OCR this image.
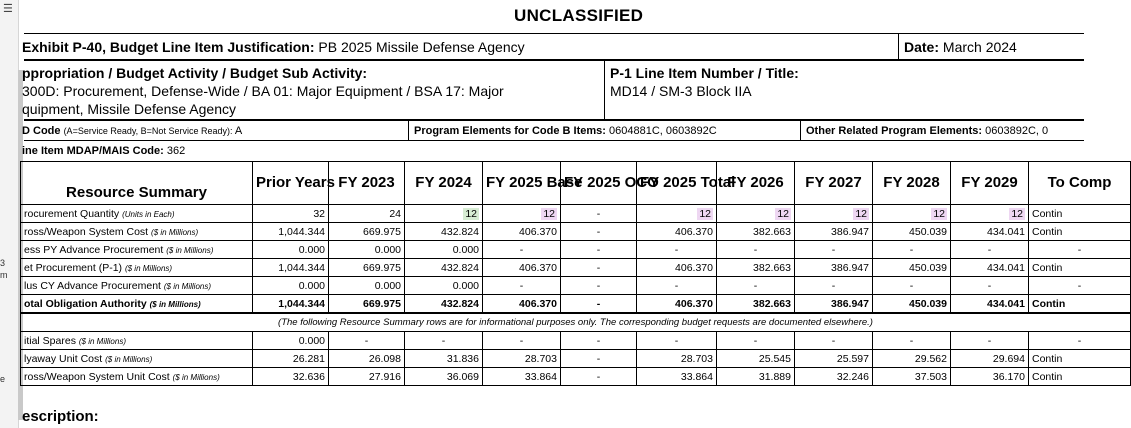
☰
3
m
e
UNCLASSIFIED
Exhibit P-40, Budget Line Item Justification: PB 2025 Missile Defense Agency	Date: March 2024
ppropriation / Budget Activity / Budget Sub Activity:
300D: Procurement, Defense-Wide / BA 01: Major Equipment / BSA 17: Major
quipment, Missile Defense Agency
P-1 Line Item Number / Title:
MD14 / SM-3 Block IIA
D Code (A=Service Ready, B=Not Service Ready): A	Program Elements for Code B Items: 0604881C, 0603892C	Other Related Program Elements: 0603892C, 0
ine Item MDAP/MAIS Code: 362
Resource Summary	Prior Years	FY 2023	FY 2024	FY 2025 Base	FY 2025 OCO	FY 2025 Total	FY 2026	FY 2027	FY 2028	FY 2029	To Comp
rocurement Quantity (Units in Each)	32	24	12	12	-	12	12	12	12	12	Contin
ross/Weapon System Cost ($ in Millions)	1,044.344	669.975	432.824	406.370	-	406.370	382.663	386.947	450.039	434.041	Contin
ess PY Advance Procurement ($ in Millions)	0.000	0.000	0.000	-	-	-	-	-	-	-	-
et Procurement (P-1) ($ in Millions)	1,044.344	669.975	432.824	406.370	-	406.370	382.663	386.947	450.039	434.041	Contin
lus CY Advance Procurement ($ in Millions)	0.000	0.000	0.000	-	-	-	-	-	-	-	-
otal Obligation Authority ($ in Millions)	1,044.344	669.975	432.824	406.370	-	406.370	382.663	386.947	450.039	434.041	Contin
(The following Resource Summary rows are for informational purposes only. The corresponding budget requests are documented elsewhere.)											
itial Spares ($ in Millions)	0.000	-	-	-	-	-	-	-	-	-	-
lyaway Unit Cost ($ in Millions)	26.281	26.098	31.836	28.703	-	28.703	25.545	25.597	29.562	29.694	Contin
ross/Weapon System Unit Cost ($ in Millions)	32.636	27.916	36.069	33.864	-	33.864	31.889	32.246	37.503	36.170	Contin
escription:
